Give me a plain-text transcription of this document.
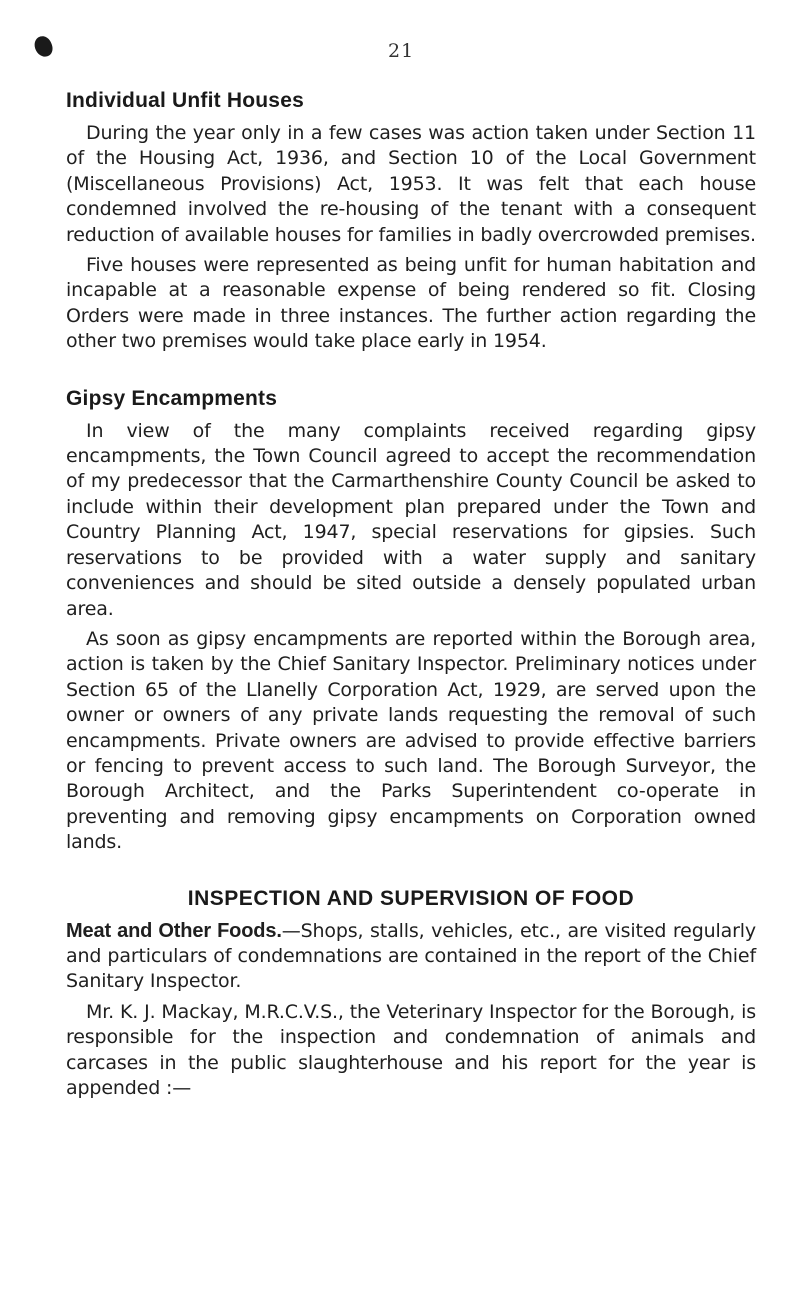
21
Individual Unfit Houses

During the year only in a few cases was action taken under Section 11 of the Housing Act, 1936, and Section 10 of the Local Government (Miscellaneous Provisions) Act, 1953. It was felt that each house condemned involved the re-housing of the tenant with a consequent reduction of available houses for families in badly overcrowded premises.

Five houses were represented as being unfit for human habitation and incapable at a reasonable expense of being rendered so fit. Closing Orders were made in three instances. The further action regarding the other two premises would take place early in 1954.

Gipsy Encampments

In view of the many complaints received regarding gipsy encampments, the Town Council agreed to accept the recommendation of my predecessor that the Carmarthenshire County Council be asked to include within their development plan prepared under the Town and Country Planning Act, 1947, special reservations for gipsies. Such reservations to be provided with a water supply and sanitary conveniences and should be sited outside a densely populated urban area.

As soon as gipsy encampments are reported within the Borough area, action is taken by the Chief Sanitary Inspector. Preliminary notices under Section 65 of the Llanelly Corporation Act, 1929, are served upon the owner or owners of any private lands requesting the removal of such encampments. Private owners are advised to provide effective barriers or fencing to prevent access to such land. The Borough Surveyor, the Borough Architect, and the Parks Superintendent co-operate in preventing and removing gipsy encampments on Corporation owned lands.

INSPECTION AND SUPERVISION OF FOOD

Meat and Other Foods.—Shops, stalls, vehicles, etc., are visited regularly and particulars of condemnations are contained in the report of the Chief Sanitary Inspector.

Mr. K. J. Mackay, M.R.C.V.S., the Veterinary Inspector for the Borough, is responsible for the inspection and condemnation of animals and carcases in the public slaughterhouse and his report for the year is appended :—
